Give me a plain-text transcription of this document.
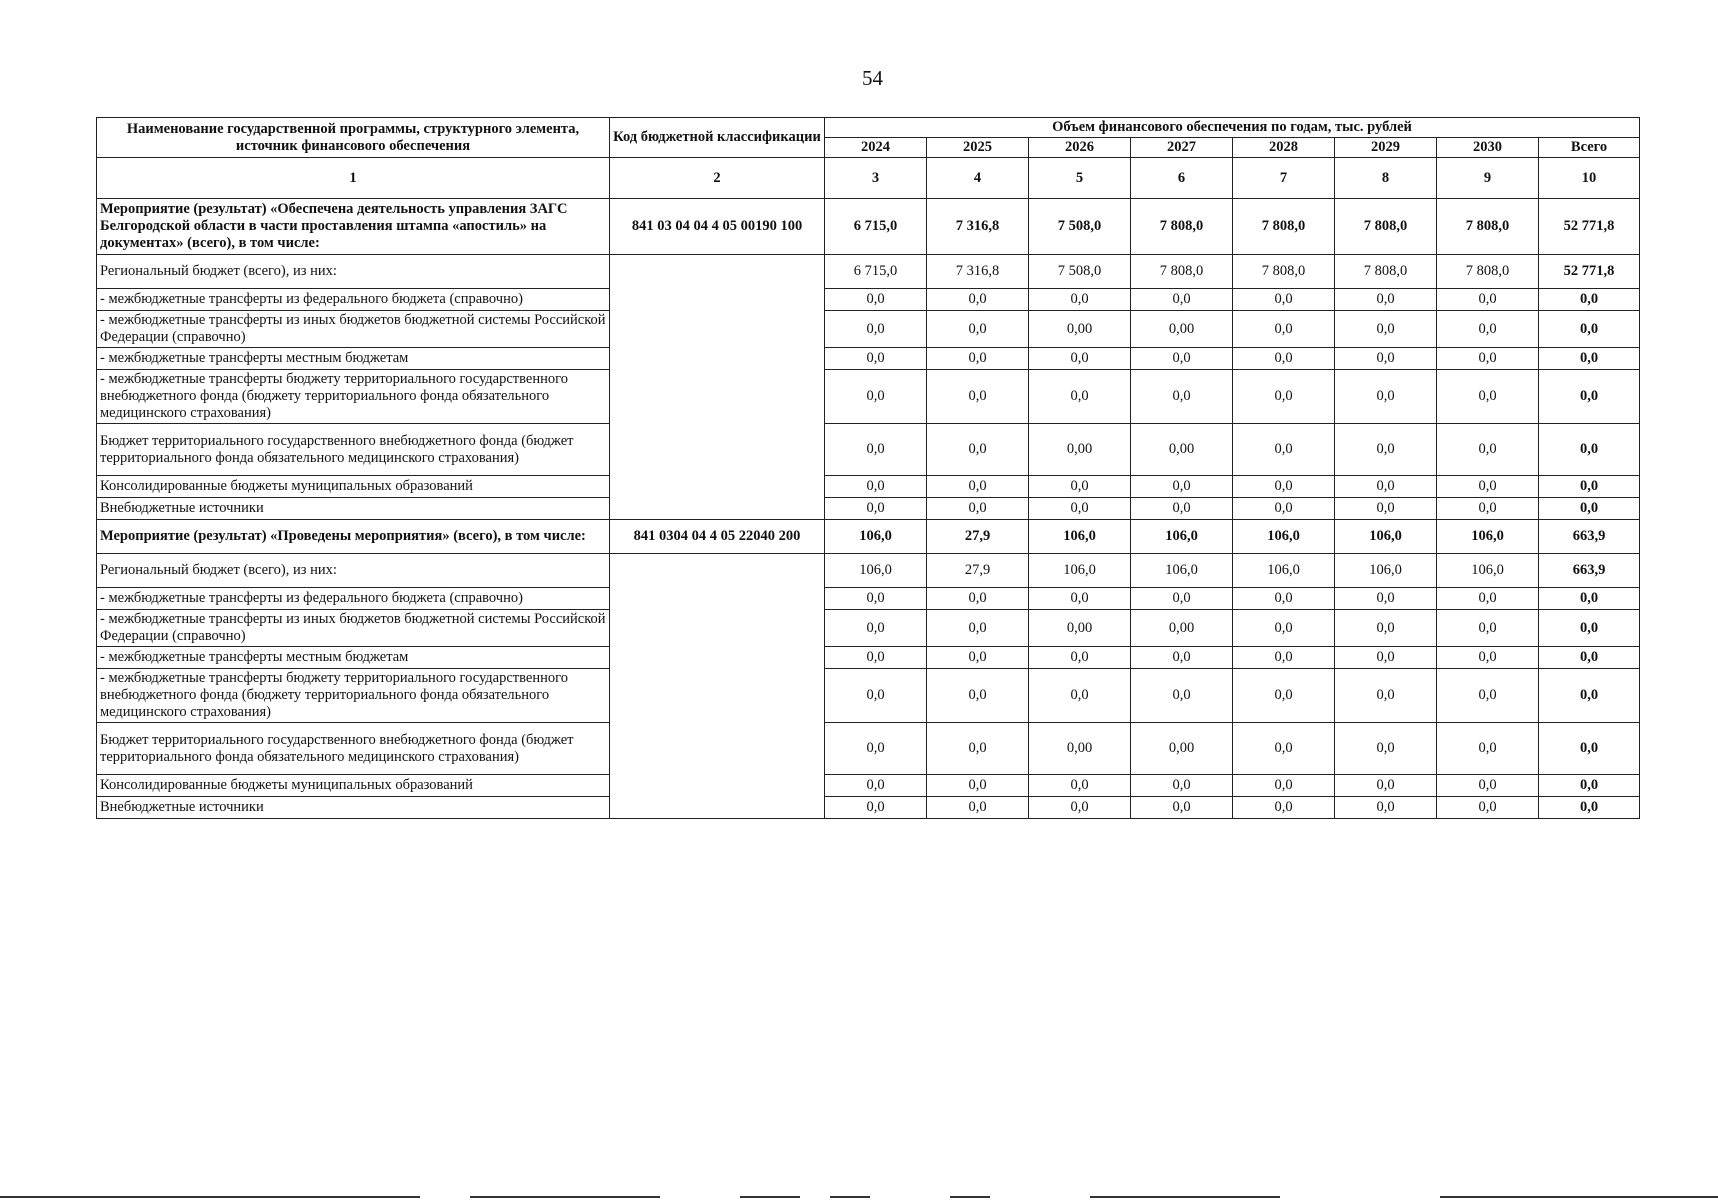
54
Наименование государственной программы, структурного элемента, источник финансового обеспечения	Код бюджетной классификации	Объем финансового обеспечения по годам, тыс. рублей							
		2024	2025	2026	2027	2028	2029	2030	Всего
1	2	3	4	5	6	7	8	9	10
Мероприятие (результат) «Обеспечена деятельность управления ЗАГС Белгородской области в части проставления штампа «апостиль» на документах» (всего), в том числе:	841 03 04 04 4 05 00190 100	6 715,0	7 316,8	7 508,0	7 808,0	7 808,0	7 808,0	7 808,0	52 771,8
Региональный бюджет (всего), из них:		6 715,0	7 316,8	7 508,0	7 808,0	7 808,0	7 808,0	7 808,0	52 771,8
- межбюджетные трансферты из федерального бюджета (справочно)		0,0	0,0	0,0	0,0	0,0	0,0	0,0	0,0
- межбюджетные трансферты из иных бюджетов бюджетной системы Российской Федерации (справочно)		0,0	0,0	0,00	0,00	0,0	0,0	0,0	0,0
- межбюджетные трансферты местным бюджетам		0,0	0,0	0,0	0,0	0,0	0,0	0,0	0,0
- межбюджетные трансферты бюджету территориального государственного внебюджетного фонда (бюджету территориального фонда обязательного медицинского страхования)		0,0	0,0	0,0	0,0	0,0	0,0	0,0	0,0
Бюджет территориального государственного внебюджетного фонда (бюджет территориального фонда обязательного медицинского страхования)		0,0	0,0	0,00	0,00	0,0	0,0	0,0	0,0
Консолидированные бюджеты муниципальных образований		0,0	0,0	0,0	0,0	0,0	0,0	0,0	0,0
Внебюджетные источники		0,0	0,0	0,0	0,0	0,0	0,0	0,0	0,0
Мероприятие (результат) «Проведены мероприятия» (всего), в том числе:	841 0304 04 4 05 22040 200	106,0	27,9	106,0	106,0	106,0	106,0	106,0	663,9
Региональный бюджет (всего), из них:		106,0	27,9	106,0	106,0	106,0	106,0	106,0	663,9
- межбюджетные трансферты из федерального бюджета (справочно)		0,0	0,0	0,0	0,0	0,0	0,0	0,0	0,0
- межбюджетные трансферты из иных бюджетов бюджетной системы Российской Федерации (справочно)		0,0	0,0	0,00	0,00	0,0	0,0	0,0	0,0
- межбюджетные трансферты местным бюджетам		0,0	0,0	0,0	0,0	0,0	0,0	0,0	0,0
- межбюджетные трансферты бюджету территориального государственного внебюджетного фонда (бюджету территориального фонда обязательного медицинского страхования)		0,0	0,0	0,0	0,0	0,0	0,0	0,0	0,0
Бюджет территориального государственного внебюджетного фонда (бюджет территориального фонда обязательного медицинского страхования)		0,0	0,0	0,00	0,00	0,0	0,0	0,0	0,0
Консолидированные бюджеты муниципальных образований		0,0	0,0	0,0	0,0	0,0	0,0	0,0	0,0
Внебюджетные источники		0,0	0,0	0,0	0,0	0,0	0,0	0,0	0,0
